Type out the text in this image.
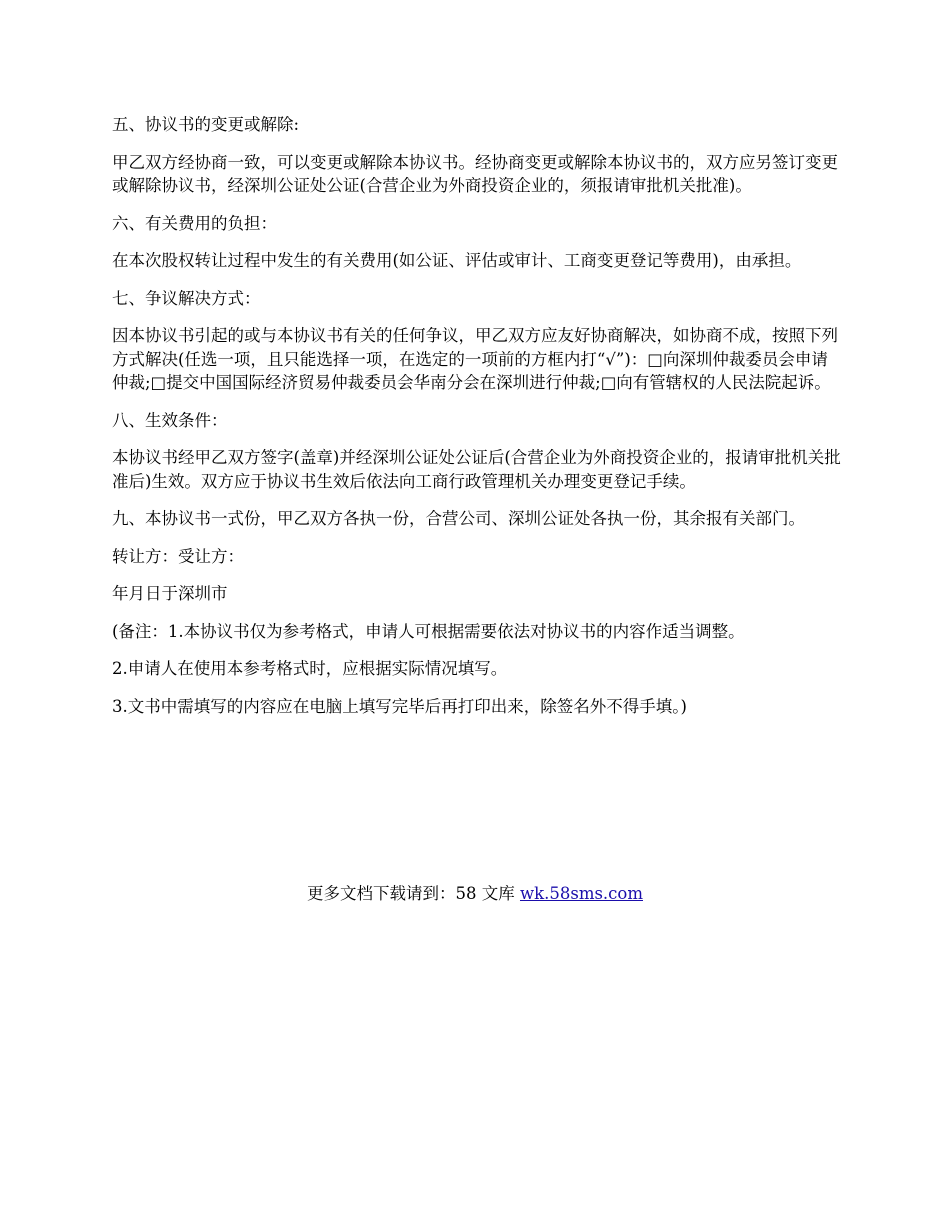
五、协议书的变更或解除:

甲乙双方经协商一致，可以变更或解除本协议书。经协商变更或解除本协议书的，双方应另签订变更或解除协议书，经深圳公证处公证(合营企业为外商投资企业的，须报请审批机关批准)。

六、有关费用的负担：

在本次股权转让过程中发生的有关费用(如公证、评估或审计、工商变更登记等费用)，由承担。

七、争议解决方式：

因本协议书引起的或与本协议书有关的任何争议，甲乙双方应友好协商解决，如协商不成，按照下列方式解决(任选一项，且只能选择一项，在选定的一项前的方框内打“√”)：□向深圳仲裁委员会申请仲裁;□提交中国国际经济贸易仲裁委员会华南分会在深圳进行仲裁;□向有管辖权的人民法院起诉。

八、生效条件：

本协议书经甲乙双方签字(盖章)并经深圳公证处公证后(合营企业为外商投资企业的，报请审批机关批准后)生效。双方应于协议书生效后依法向工商行政管理机关办理变更登记手续。

九、本协议书一式份，甲乙双方各执一份，合营公司、深圳公证处各执一份，其余报有关部门。

转让方：受让方：

年月日于深圳市

(备注：1.本协议书仅为参考格式，申请人可根据需要依法对协议书的内容作适当调整。

2.申请人在使用本参考格式时，应根据实际情况填写。

3.文书中需填写的内容应在电脑上填写完毕后再打印出来，除签名外不得手填。)

更多文档下载请到：58 文库 wk.58sms.com
